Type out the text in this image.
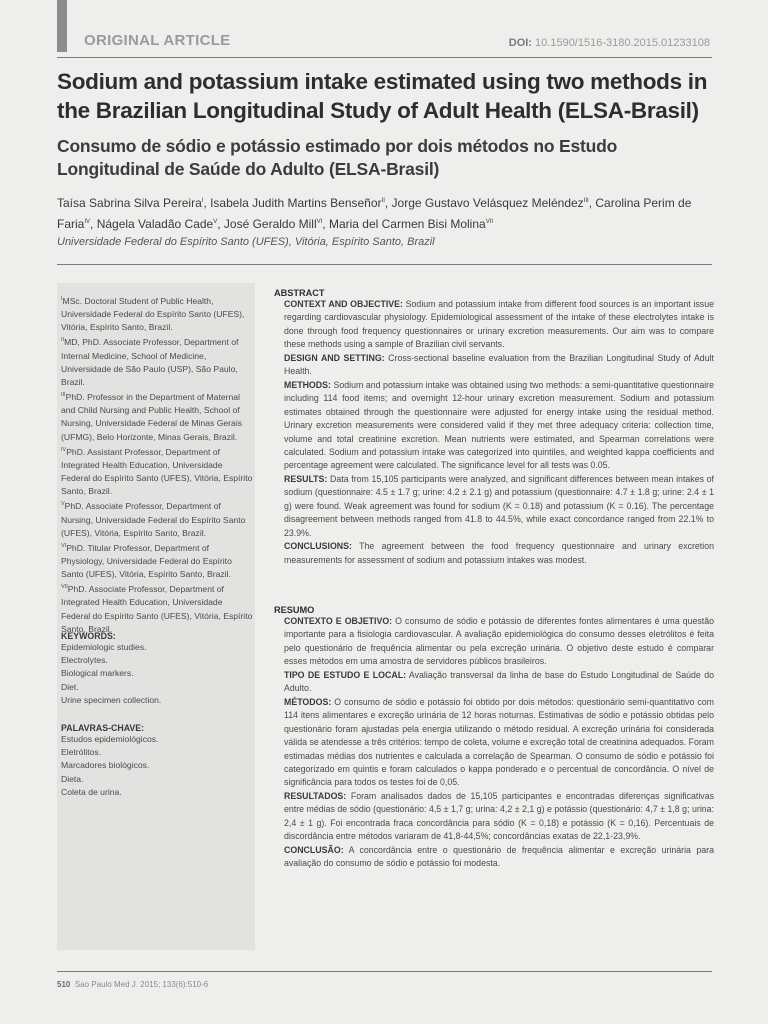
ORIGINAL ARTICLE	DOI: 10.1590/1516-3180.2015.01233108
Sodium and potassium intake estimated using two methods in the Brazilian Longitudinal Study of Adult Health (ELSA-Brasil)
Consumo de sódio e potássio estimado por dois métodos no Estudo Longitudinal de Saúde do Adulto (ELSA-Brasil)
Taísa Sabrina Silva Pereira$^I$, Isabela Judith Martins Benseñor$^{II}$, Jorge Gustavo Velásquez Meléndez$^{III}$, Carolina Perim de Faria$^{IV}$, Nágela Valadão Cade$^V$, José Geraldo Mill$^{VI}$, Maria del Carmen Bisi Molina$^{VII}$
Universidade Federal do Espírito Santo (UFES), Vitória, Espírito Santo, Brazil

$^I$MSc. Doctoral Student of Public Health, Universidade Federal do Espírito Santo (UFES), Vitória, Espírito Santo, Brazil.

$^{II}$MD, PhD. Associate Professor, Department of Internal Medicine, School of Medicine, Universidade de São Paulo (USP), São Paulo, Brazil.

$^{III}$PhD. Professor in the Department of Maternal and Child Nursing and Public Health, School of Nursing, Universidade Federal de Minas Gerais (UFMG), Belo Horizonte, Minas Gerais, Brazil.

$^{IV}$PhD. Assistant Professor, Department of Integrated Health Education, Universidade Federal do Espírito Santo (UFES), Vitória, Espírito Santo, Brazil.

$^V$PhD. Associate Professor, Department of Nursing, Universidade Federal do Espírito Santo (UFES), Vitória, Espírito Santo, Brazil.

$^{VI}$PhD. Titular Professor, Department of Physiology, Universidade Federal do Espírito Santo (UFES), Vitória, Espírito Santo, Brazil.

$^{VII}$PhD. Associate Professor, Department of Integrated Health Education, Universidade Federal do Espírito Santo (UFES), Vitória, Espírito Santo, Brazil.

KEYWORDS:

Epidemiologic studies.

Electrolytes.

Biological markers.

Diet.

Urine specimen collection.

PALAVRAS-CHAVE:

Estudos epidemiológicos.

Eletrólitos.

Marcadores biológicos.

Dieta.

Coleta de urina.

ABSTRACT

CONTEXT AND OBJECTIVE: Sodium and potassium intake from different food sources is an important issue regarding cardiovascular physiology. Epidemiological assessment of the intake of these electrolytes intake is done through food frequency questionnaires or urinary excretion measurements. Our aim was to compare these methods using a sample of Brazilian civil servants.

DESIGN AND SETTING: Cross-sectional baseline evaluation from the Brazilian Longitudinal Study of Adult Health.

METHODS: Sodium and potassium intake was obtained using two methods: a semi-quantitative questionnaire including 114 food items; and overnight 12-hour urinary excretion measurement. Sodium and potassium estimates obtained through the questionnaire were adjusted for energy intake using the residual method. Urinary excretion measurements were considered valid if they met three adequacy criteria: collection time, volume and total creatinine excretion. Mean nutrients were estimated, and Spearman correlations were calculated. Sodium and potassium intake was categorized into quintiles, and weighted kappa coefficients and percentage agreement were calculated. The significance level for all tests was 0.05.

RESULTS: Data from 15,105 participants were analyzed, and significant differences between mean intakes of sodium (questionnaire: 4.5 ± 1.7 g; urine: 4.2 ± 2.1 g) and potassium (questionnaire: 4.7 ± 1.8 g; urine: 2.4 ± 1 g) were found. Weak agreement was found for sodium (K = 0.18) and potassium (K = 0.16). The percentage disagreement between methods ranged from 41.8 to 44.5%, while exact concordance ranged from 22.1% to 23.9%.

CONCLUSIONS: The agreement between the food frequency questionnaire and urinary excretion measurements for assessment of sodium and potassium intakes was modest.

RESUMO

CONTEXTO E OBJETIVO: O consumo de sódio e potássio de diferentes fontes alimentares é uma questão importante para a fisiologia cardiovascular. A avaliação epidemiológica do consumo desses eletrólitos é feita pelo questionário de frequência alimentar ou pela excreção urinária. O objetivo deste estudo é comparar esses métodos em uma amostra de servidores públicos brasileiros.

TIPO DE ESTUDO E LOCAL: Avaliação transversal da linha de base do Estudo Longitudinal de Saúde do Adulto.

MÉTODOS: O consumo de sódio e potássio foi obtido por dois métodos: questionário semi-quantitativo com 114 itens alimentares e excreção urinária de 12 horas noturnas. Estimativas de sódio e potássio obtidas pelo questionário foram ajustadas pela energia utilizando o método residual. A excreção urinária foi considerada válida se atendesse a três critérios: tempo de coleta, volume e excreção total de creatinina adequados. Foram estimadas médias dos nutrientes e calculada a correlação de Spearman. O consumo de sódio e potássio foi categorizado em quintis e foram calculados o kappa ponderado e o percentual de concordância. O nível de significância para todos os testes foi de 0,05.

RESULTADOS: Foram analisados dados de 15,105 participantes e encontradas diferenças significativas entre médias de sódio (questionário: 4,5 ± 1,7 g; urina: 4,2 ± 2,1 g) e potássio (questionário: 4,7 ± 1,8 g; urina: 2,4 ± 1 g). Foi encontrada fraca concordância para sódio (K = 0,18) e potássio (K = 0,16). Percentuais de discordância entre métodos variaram de 41,8-44,5%; concordâncias exatas de 22,1-23,9%.

CONCLUSÃO: A concordância entre o questionário de frequência alimentar e excreção urinária para avaliação do consumo de sódio e potássio foi modesta.

510 Sao Paulo Med J. 2015; 133(6):510-6
